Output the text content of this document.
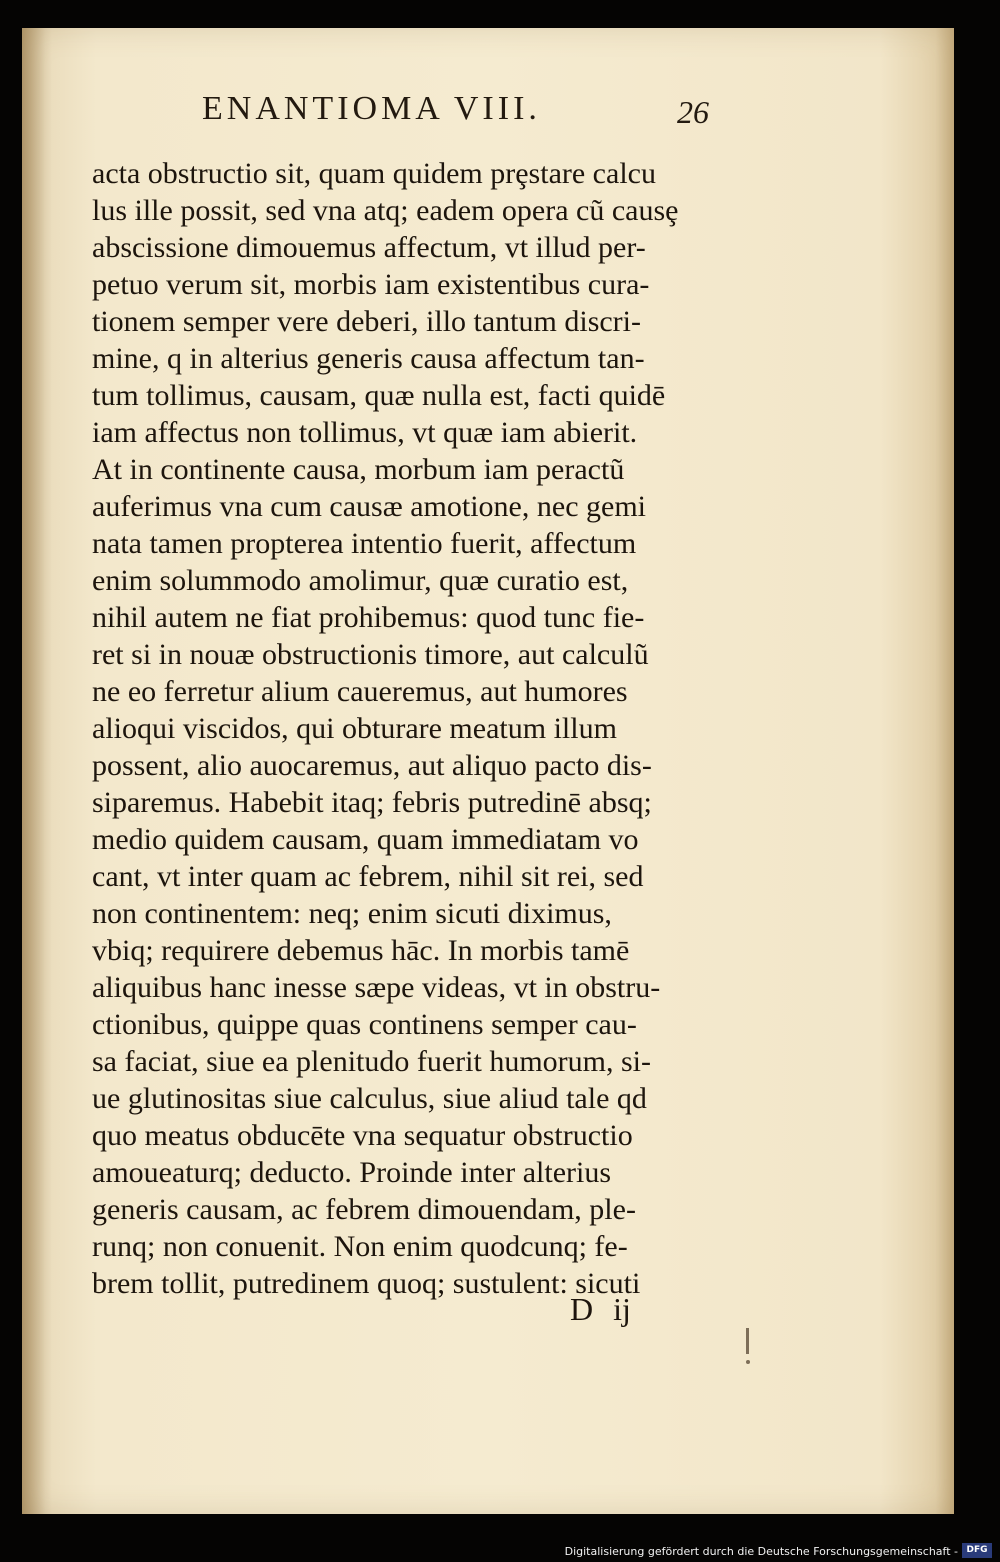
ENANTIOMA VIII.	26
acta obstructio sit, quam quidem prȩstare calcu
lus ille possit, sed vna atq; eadem opera cũ causȩ
abscissione dimouemus affectum, vt illud per-
petuo verum sit, morbis iam existentibus cura-
tionem semper vere deberi, illo tantum discri-
mine, q in alterius generis causa affectum tan-
tum tollimus, causam, quæ nulla est, facti quidē
iam affectus non tollimus, vt quæ iam abierit.
At in continente causa, morbum iam peractũ
auferimus vna cum causæ amotione, nec gemi
nata tamen propterea intentio fuerit, affectum
enim solummodo amolimur, quæ curatio est,
nihil autem ne fiat prohibemus: quod tunc fie-
ret si in nouæ obstructionis timore, aut calculũ
ne eo ferretur alium caueremus, aut humores
alioqui viscidos, qui obturare meatum illum
possent, alio auocaremus, aut aliquo pacto dis-
siparemus. Habebit itaq; febris putredinē absq;
medio quidem causam, quam immediatam vo
cant, vt inter quam ac febrem, nihil sit rei, sed
non continentem: neq; enim sicuti diximus,
vbiq; requirere debemus hāc. In morbis tamē
aliquibus hanc inesse sæpe videas, vt in obstru-
ctionibus, quippe quas continens semper cau-
sa faciat, siue ea plenitudo fuerit humorum, si-
ue glutinositas siue calculus, siue aliud tale qd
quo meatus obducēte vna sequatur obstructio
amoueaturq; deducto. Proinde inter alterius
generis causam, ac febrem dimouendam, ple-
runq; non conuenit. Non enim quodcunq; fe-
brem tollit, putredinem quoq; sustulent: sicuti
D ij
Digitalisierung gefördert durch die Deutsche Forschungsgemeinschaft - DFG
